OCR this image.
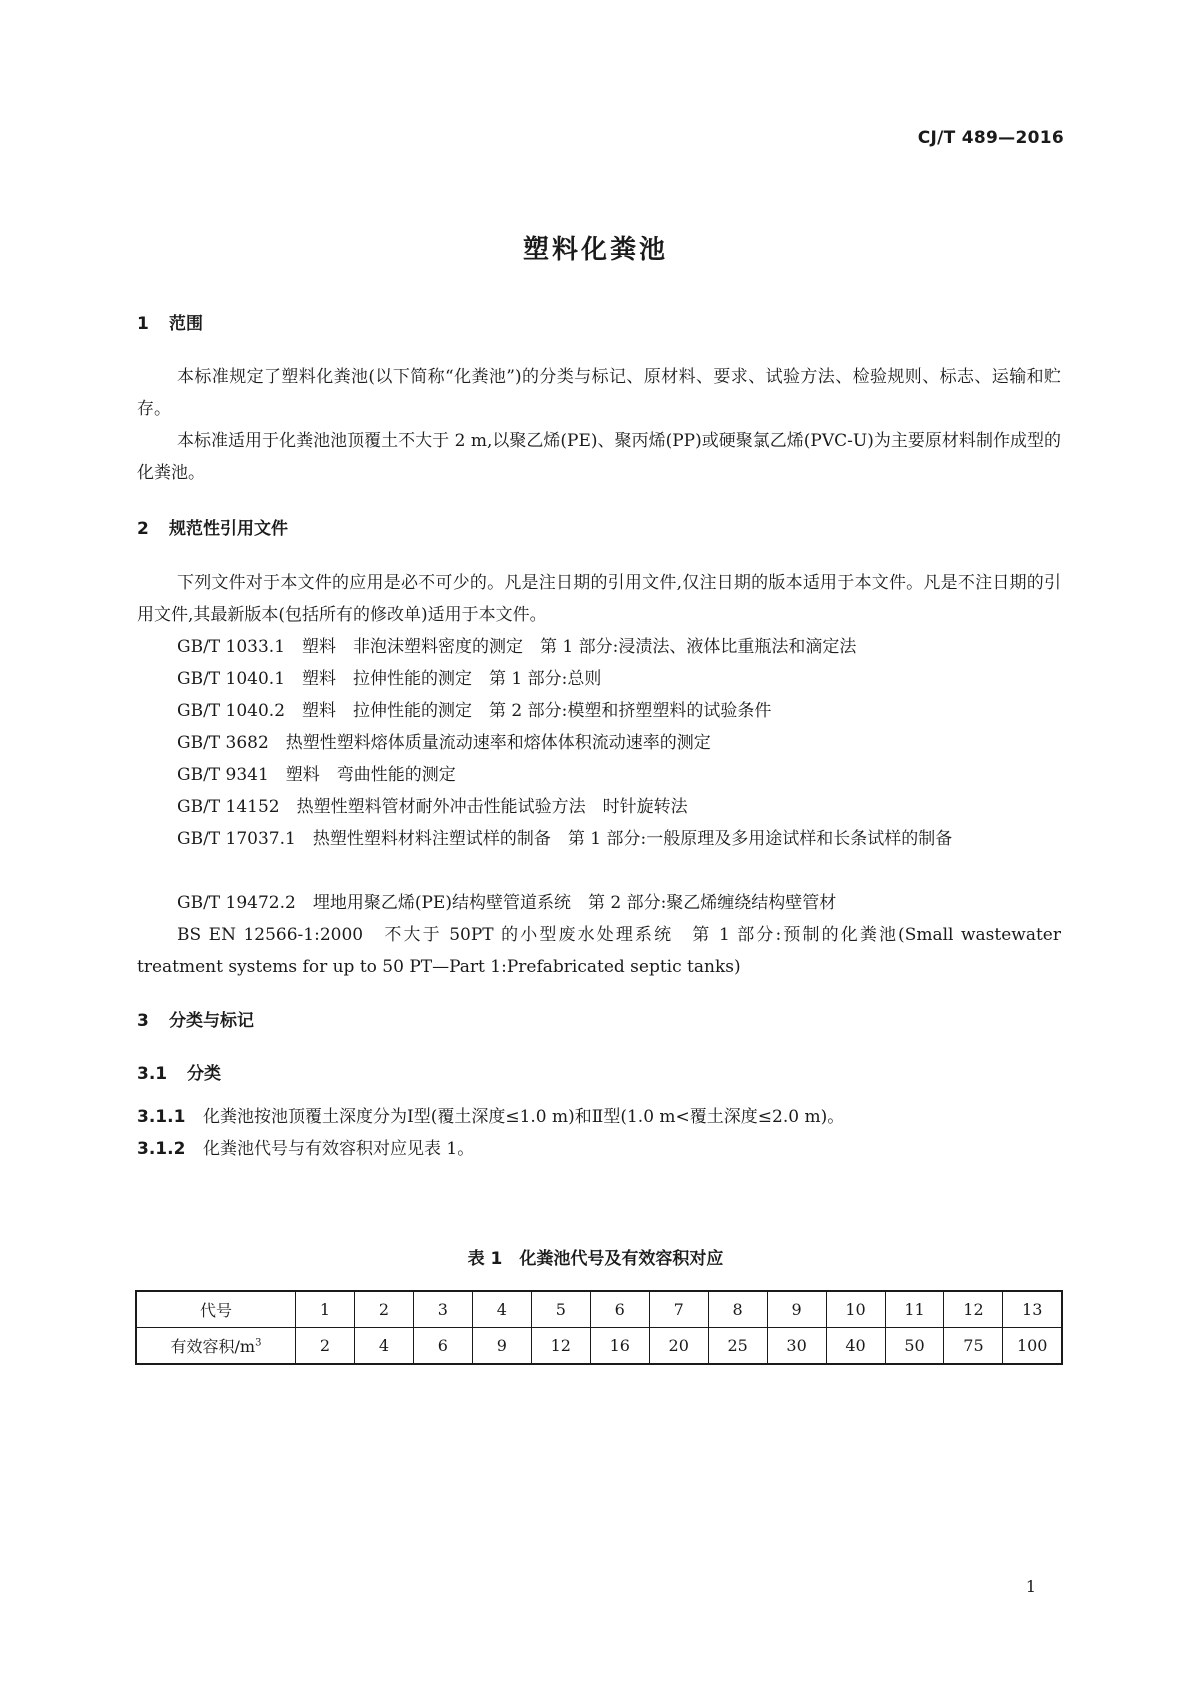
CJ/T 489—2016
塑料化粪池
1 范围
本标准规定了塑料化粪池(以下简称“化粪池”)的分类与标记、原材料、要求、试验方法、检验规则、标志、运输和贮存。
本标准适用于化粪池池顶覆土不大于 2 m,以聚乙烯(PE)、聚丙烯(PP)或硬聚氯乙烯(PVC-U)为主要原材料制作成型的化粪池。
2 规范性引用文件
下列文件对于本文件的应用是必不可少的。凡是注日期的引用文件,仅注日期的版本适用于本文件。凡是不注日期的引用文件,其最新版本(包括所有的修改单)适用于本文件。
GB/T 1033.1　塑料　非泡沫塑料密度的测定　第 1 部分:浸渍法、液体比重瓶法和滴定法
GB/T 1040.1　塑料　拉伸性能的测定　第 1 部分:总则
GB/T 1040.2　塑料　拉伸性能的测定　第 2 部分:模塑和挤塑塑料的试验条件
GB/T 3682　热塑性塑料熔体质量流动速率和熔体体积流动速率的测定
GB/T 9341　塑料　弯曲性能的测定
GB/T 14152　热塑性塑料管材耐外冲击性能试验方法　时针旋转法
GB/T 17037.1　热塑性塑料材料注塑试样的制备　第 1 部分:一般原理及多用途试样和长条试样的制备
GB/T 19472.2　埋地用聚乙烯(PE)结构壁管道系统　第 2 部分:聚乙烯缠绕结构壁管材
BS EN 12566-1:2000　不大于 50PT 的小型废水处理系统　第 1 部分:预制的化粪池(Small wastewater treatment systems for up to 50 PT—Part 1:Prefabricated septic tanks)
3 分类与标记
3.1 分类
3.1.1 化粪池按池顶覆土深度分为Ⅰ型(覆土深度≤1.0 m)和Ⅱ型(1.0 m<覆土深度≤2.0 m)。
3.1.2 化粪池代号与有效容积对应见表 1。
表 1　化粪池代号及有效容积对应
代号	1	2	3	4	5	6	7	8	9	10	11	12	13
有效容积$/m^3$	2	4	6	9	12	16	20	25	30	40	50	75	100
1
